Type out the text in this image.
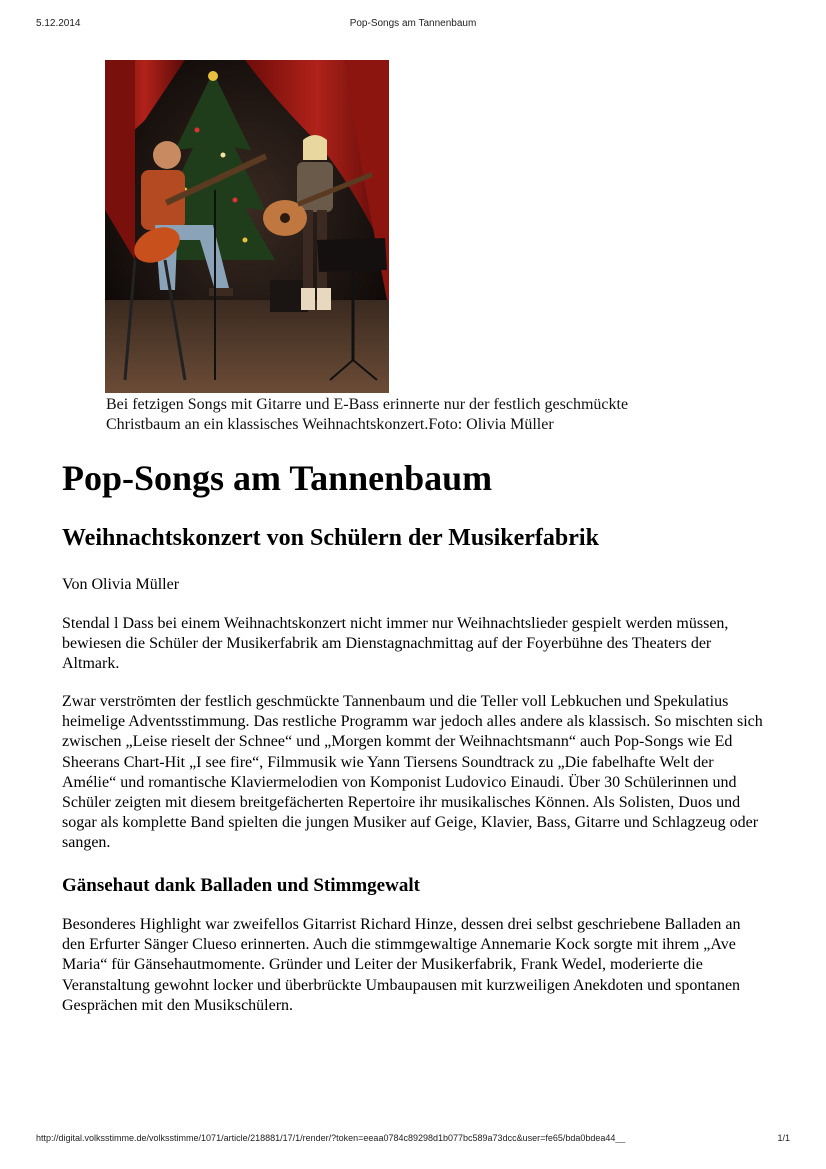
5.12.2014	Pop-Songs am Tannenbaum
Bei fetzigen Songs mit Gitarre und E-Bass erinnerte nur der festlich geschmückte
Christbaum an ein klassisches Weihnachtskonzert.Foto: Olivia Müller
Pop-Songs am Tannenbaum
Weihnachtskonzert von Schülern der Musikerfabrik

Von Olivia Müller

Stendal l Dass bei einem Weihnachtskonzert nicht immer nur Weihnachtslieder gespielt werden müssen, bewiesen die Schüler der Musikerfabrik am Dienstagnachmittag auf der Foyerbühne des Theaters der Altmark.

Zwar verströmten der festlich geschmückte Tannenbaum und die Teller voll Lebkuchen und Spekulatius heimelige Adventsstimmung. Das restliche Programm war jedoch alles andere als klassisch. So mischten sich zwischen „Leise rieselt der Schnee“ und „Morgen kommt der Weihnachtsmann“ auch Pop-Songs wie Ed Sheerans Chart-Hit „I see fire“, Filmmusik wie Yann Tiersens Soundtrack zu „Die fabelhafte Welt der Amélie“ und romantische Klaviermelodien von Komponist Ludovico Einaudi. Über 30 Schülerinnen und Schüler zeigten mit diesem breitgefächerten Repertoire ihr musikalisches Können. Als Solisten, Duos und sogar als komplette Band spielten die jungen Musiker auf Geige, Klavier, Bass, Gitarre und Schlagzeug oder sangen.

Gänsehaut dank Balladen und Stimmgewalt

Besonderes Highlight war zweifellos Gitarrist Richard Hinze, dessen drei selbst geschriebene Balladen an den Erfurter Sänger Clueso erinnerten. Auch die stimmgewaltige Annemarie Kock sorgte mit ihrem „Ave Maria“ für Gänsehautmomente. Gründer und Leiter der Musikerfabrik, Frank Wedel, moderierte die Veranstaltung gewohnt locker und überbrückte Umbaupausen mit kurzweiligen Anekdoten und spontanen Gesprächen mit den Musikschülern.

http://digital.volksstimme.de/volksstimme/1071/article/218881/17/1/render/?token=eeaa0784c89298d1b077bc589a73dcc&user=fe65/bda0bdea44__	1/1
